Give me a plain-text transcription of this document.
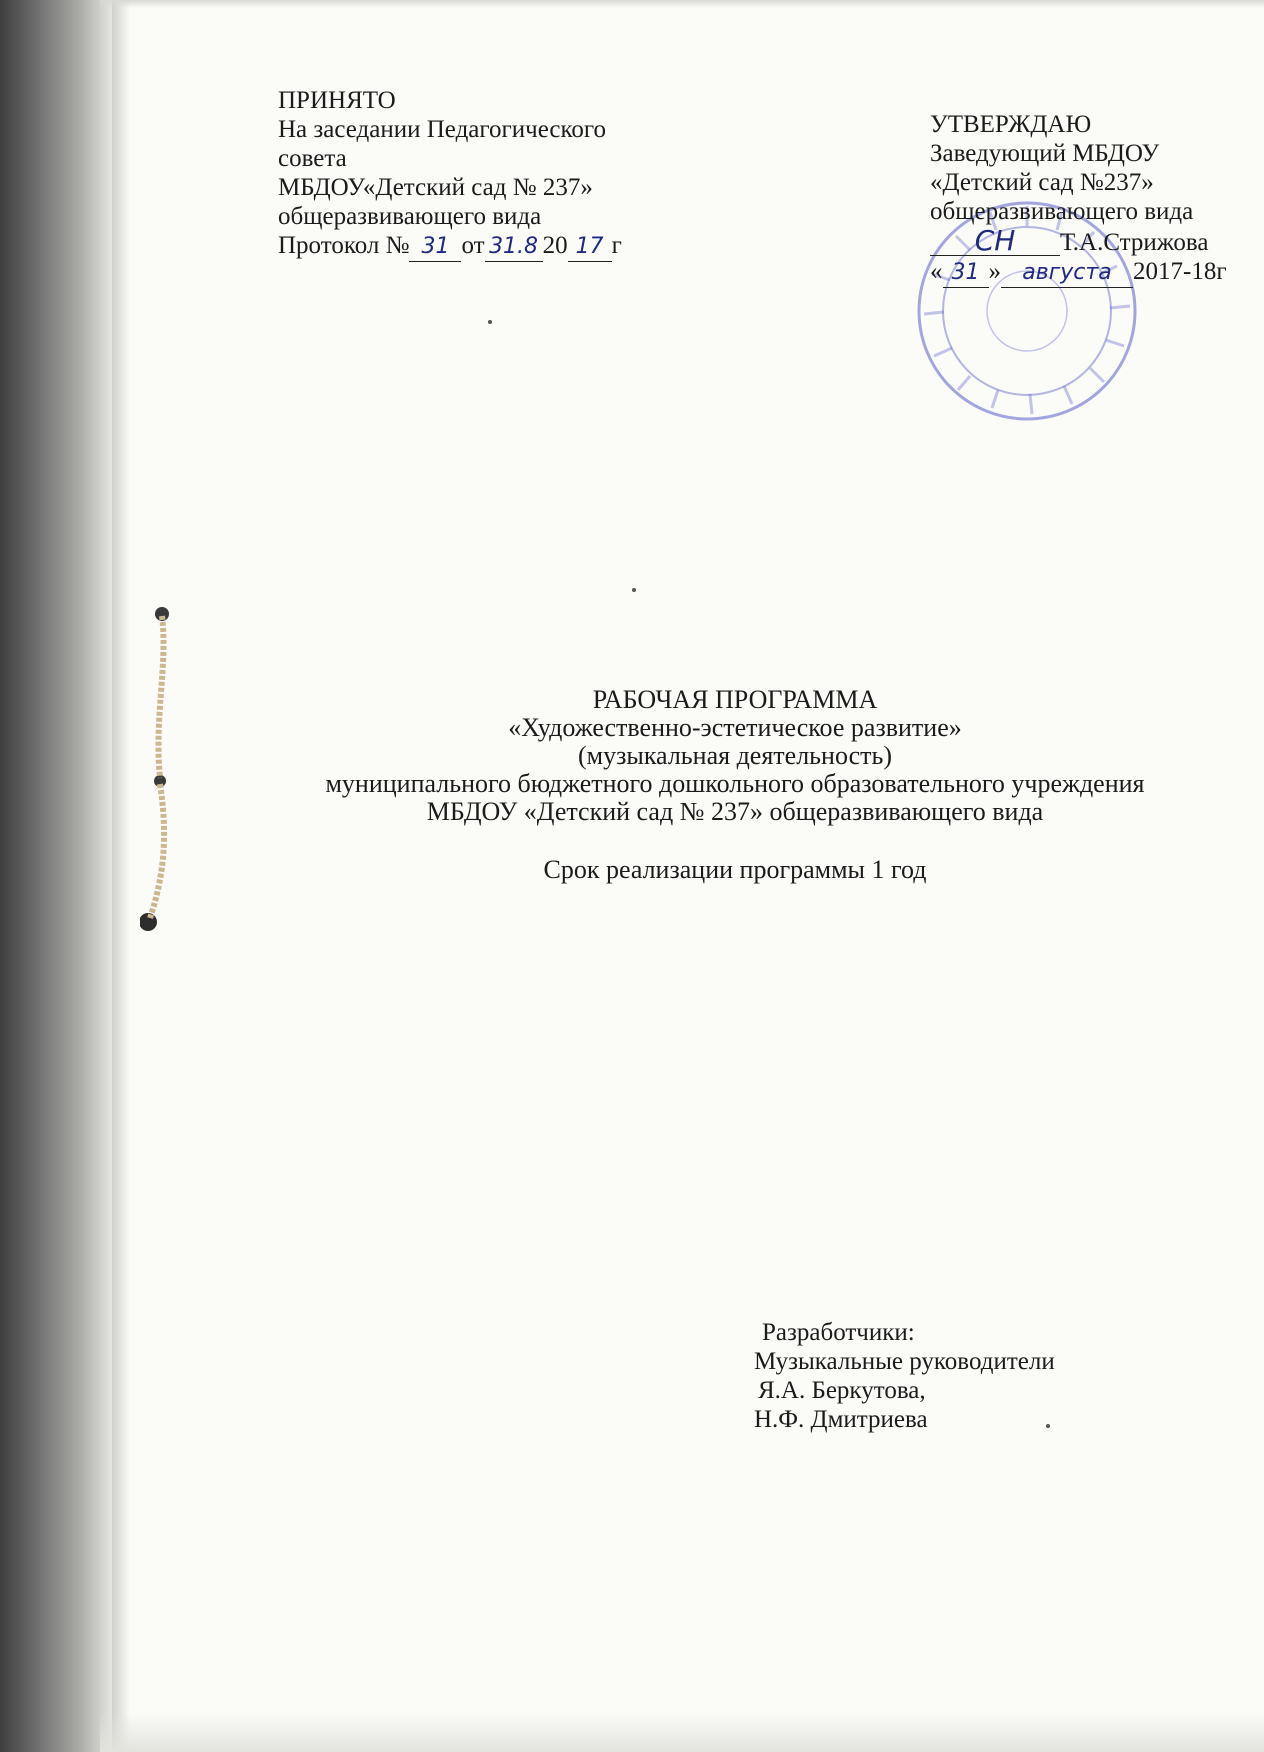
ПРИНЯТО
На заседании Педагогического
совета
МБДОУ«Детский сад № 237»
общеразвивающего вида
Протокол № 31 от 31.8 20 17 г
УТВЕРЖДАЮ
Заведующий МБДОУ
«Детский сад №237»
общеразвивающего вида
СН Т.А.Стрижова
« 31 » августа 2017-18г
РАБОЧАЯ ПРОГРАММА
«Художественно-эстетическое развитие»
(музыкальная деятельность)
муниципального бюджетного дошкольного образовательного учреждения
МБДОУ «Детский сад № 237» общеразвивающего вида
Срок реализации программы 1 год
Разработчики:
Музыкальные руководители
Я.А. Беркутова,
Н.Ф. Дмитриева
